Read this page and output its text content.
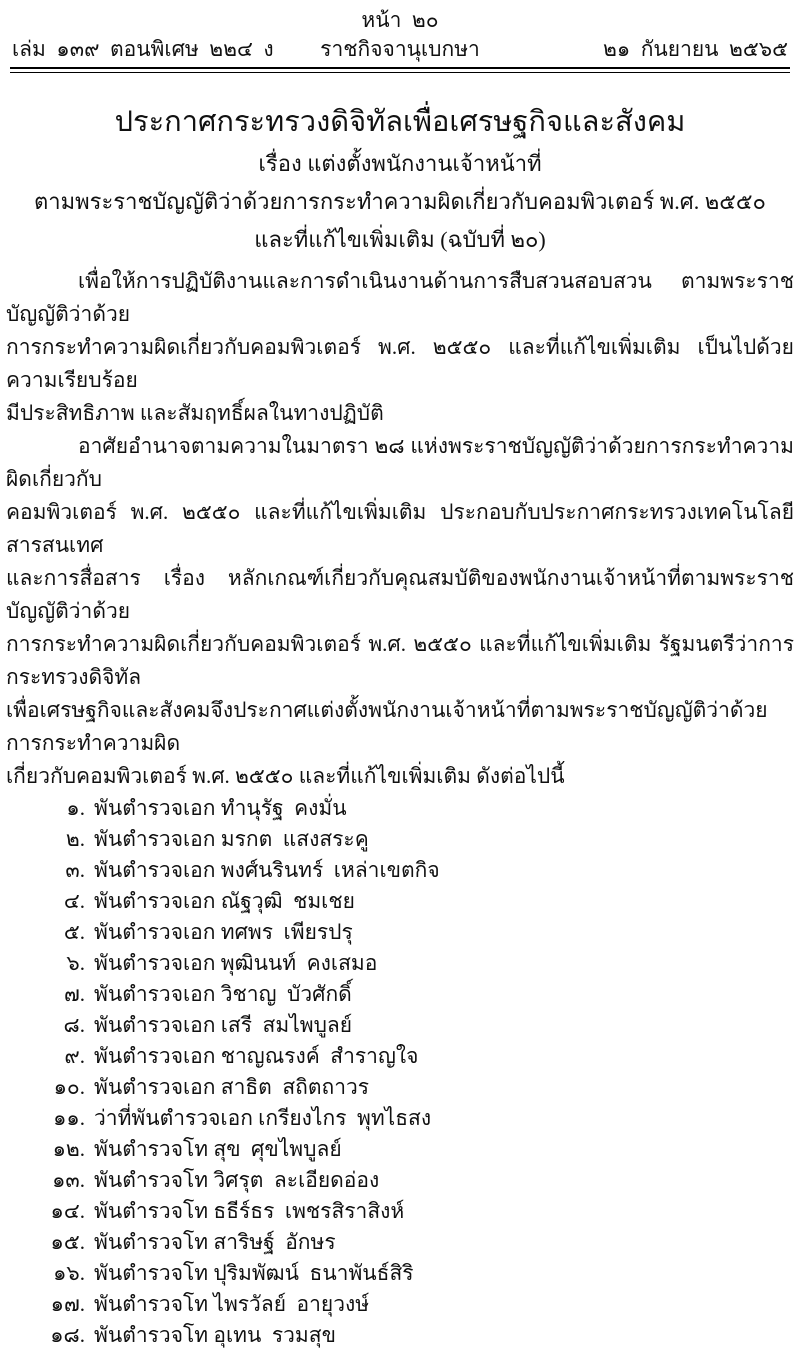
หน้า  ๒๐
เล่ม  ๑๓๙  ตอนพิเศษ  ๒๒๔  ง ราชกิจจานุเบกษา	๒๑  กันยายน  ๒๕๖๕
ประกาศกระทรวงดิจิทัลเพื่อเศรษฐกิจและสังคม
เรื่อง แต่งตั้งพนักงานเจ้าหน้าที่
ตามพระราชบัญญัติว่าด้วยการกระทำความผิดเกี่ยวกับคอมพิวเตอร์ พ.ศ. ๒๕๕๐
และที่แก้ไขเพิ่มเติม (ฉบับที่ ๒๐)
เพื่อให้การปฏิบัติงานและการดำเนินงานด้านการสืบสวนสอบสวน ตามพระราชบัญญัติว่าด้วย
การกระทำความผิดเกี่ยวกับคอมพิวเตอร์ พ.ศ. ๒๕๕๐ และที่แก้ไขเพิ่มเติม เป็นไปด้วยความเรียบร้อย
มีประสิทธิภาพ และสัมฤทธิ์ผลในทางปฏิบัติ
อาศัยอำนาจตามความในมาตรา ๒๘ แห่งพระราชบัญญัติว่าด้วยการกระทำความผิดเกี่ยวกับ
คอมพิวเตอร์ พ.ศ. ๒๕๕๐ และที่แก้ไขเพิ่มเติม ประกอบกับประกาศกระทรวงเทคโนโลยีสารสนเทศ
และการสื่อสาร เรื่อง หลักเกณฑ์เกี่ยวกับคุณสมบัติของพนักงานเจ้าหน้าที่ตามพระราชบัญญัติว่าด้วย
การกระทำความผิดเกี่ยวกับคอมพิวเตอร์ พ.ศ. ๒๕๕๐ และที่แก้ไขเพิ่มเติม รัฐมนตรีว่าการกระทรวงดิจิทัล
เพื่อเศรษฐกิจและสังคมจึงประกาศแต่งตั้งพนักงานเจ้าหน้าที่ตามพระราชบัญญัติว่าด้วยการกระทำความผิด
เกี่ยวกับคอมพิวเตอร์ พ.ศ. ๒๕๕๐ และที่แก้ไขเพิ่มเติม ดังต่อไปนี้
๑. พันตำรวจเอก ทำนุรัฐ  คงมั่น
๒. พันตำรวจเอก มรกต  แสงสระคู
๓. พันตำรวจเอก พงศ์นรินทร์  เหล่าเขตกิจ
๔. พันตำรวจเอก ณัฐวุฒิ  ชมเชย
๕. พันตำรวจเอก ทศพร  เพียรปรุ
๖. พันตำรวจเอก พุฒินนท์  คงเสมอ
๗. พันตำรวจเอก วิชาญ  บัวศักดิ์
๘. พันตำรวจเอก เสรี  สมไพบูลย์
๙. พันตำรวจเอก ชาญณรงค์  สำราญใจ
๑๐. พันตำรวจเอก สาธิต  สถิตถาวร
๑๑. ว่าที่พันตำรวจเอก เกรียงไกร  พุทไธสง
๑๒. พันตำรวจโท สุข  ศุขไพบูลย์
๑๓. พันตำรวจโท วิศรุต  ละเอียดอ่อง
๑๔. พันตำรวจโท ธธีร์ธร  เพชรสิราสิงห์
๑๕. พันตำรวจโท สาริษฐ์  อักษร
๑๖. พันตำรวจโท ปุริมพัฒน์  ธนาพันธ์สิริ
๑๗. พันตำรวจโท ไพรวัลย์  อายุวงษ์
๑๘. พันตำรวจโท อุเทน  รวมสุข
